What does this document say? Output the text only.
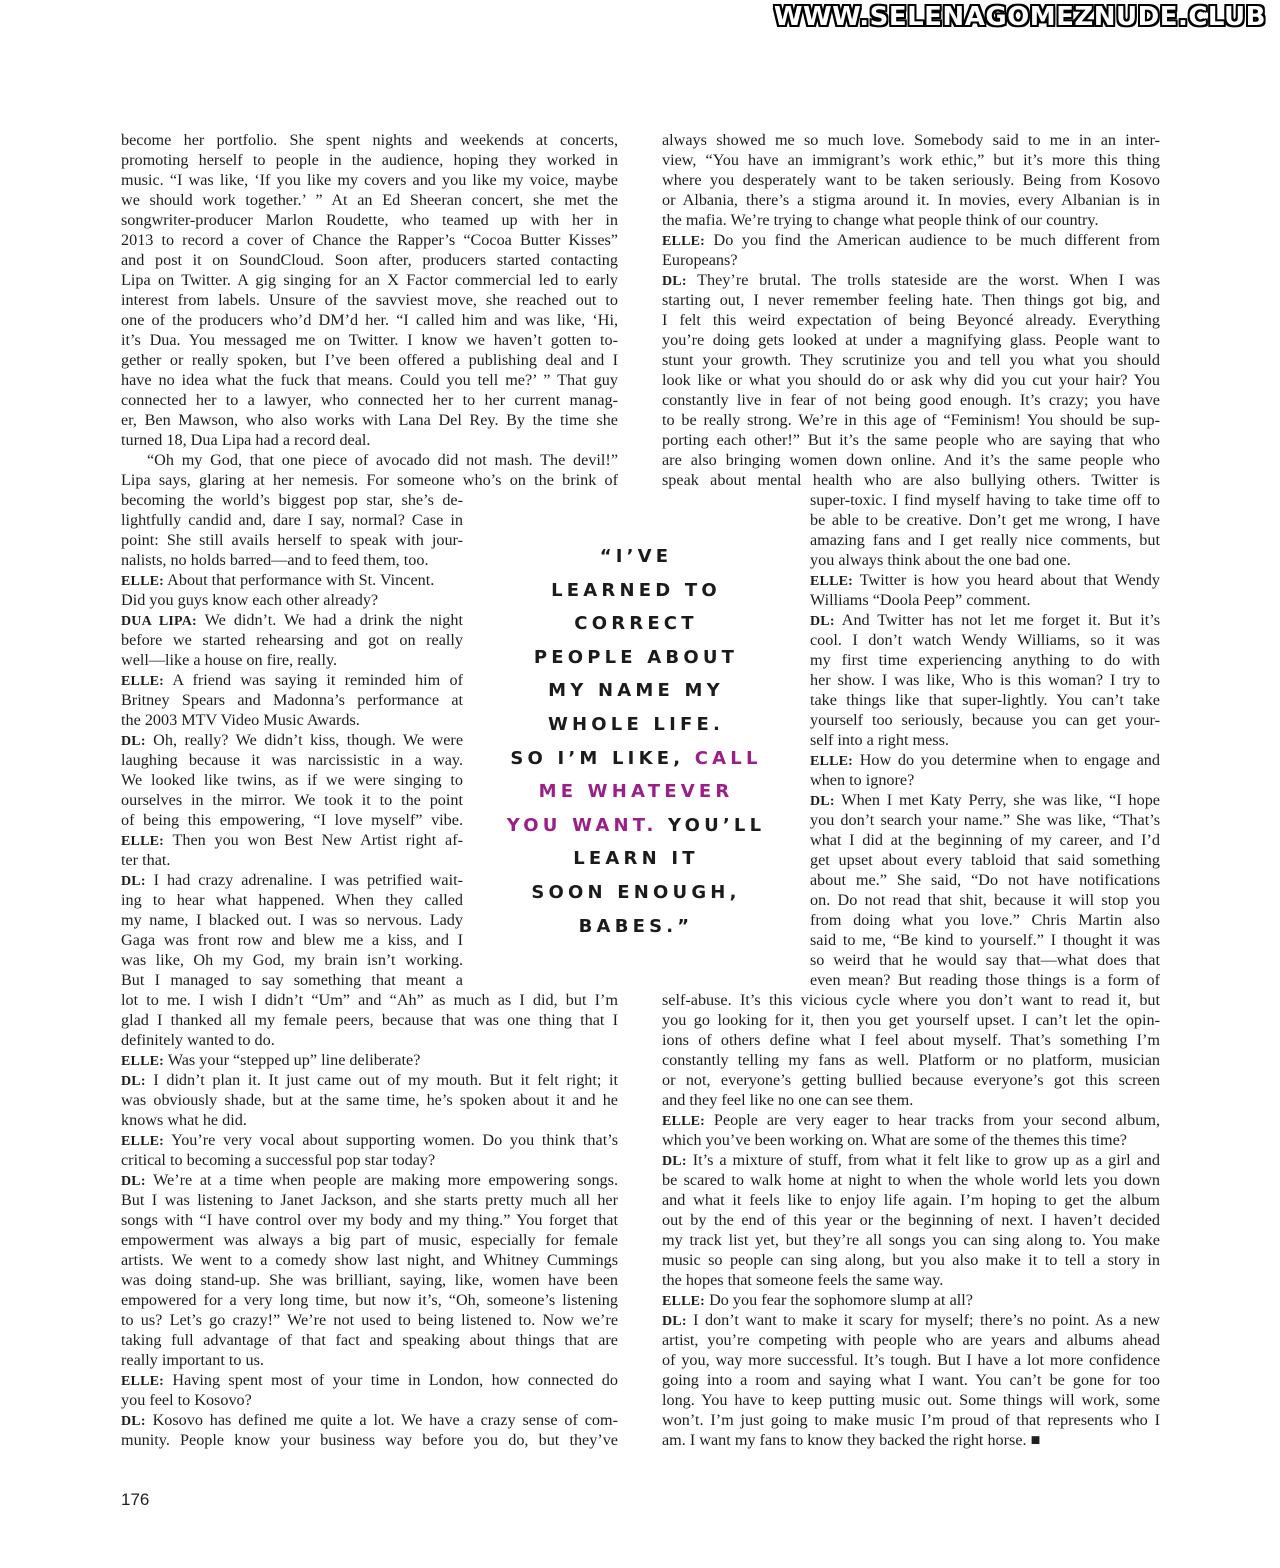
WWW.SELENAGOMEZNUDE.CLUB
become her portfolio. She spent nights and weekends at concerts,
promoting herself to people in the audience, hoping they worked in
music. “I was like, ‘If you like my covers and you like my voice, maybe
we should work together.’ ” At an Ed Sheeran concert, she met the
songwriter-producer Marlon Roudette, who teamed up with her in
2013 to record a cover of Chance the Rapper’s “Cocoa Butter Kisses”
and post it on SoundCloud. Soon after, producers started contacting
Lipa on Twitter. A gig singing for an X Factor commercial led to early
interest from labels. Unsure of the savviest move, she reached out to
one of the producers who’d DM’d her. “I called him and was like, ‘Hi,
it’s Dua. You messaged me on Twitter. I know we haven’t gotten to-
gether or really spoken, but I’ve been offered a publishing deal and I
have no idea what the fuck that means. Could you tell me?’ ” That guy
connected her to a lawyer, who connected her to her current manag-
er, Ben Mawson, who also works with Lana Del Rey. By the time she
turned 18, Dua Lipa had a record deal.
“Oh my God, that one piece of avocado did not mash. The devil!”
Lipa says, glaring at her nemesis. For someone who’s on the brink of
becoming the world’s biggest pop star, she’s de-
lightfully candid and, dare I say, normal? Case in
point: She still avails herself to speak with jour-
nalists, no holds barred—and to feed them, too.
ELLE: About that performance with St. Vincent.
Did you guys know each other already?
DUA LIPA: We didn’t. We had a drink the night
before we started rehearsing and got on really
well—like a house on fire, really.
ELLE: A friend was saying it reminded him of
Britney Spears and Madonna’s performance at
the 2003 MTV Video Music Awards.
DL: Oh, really? We didn’t kiss, though. We were
laughing because it was narcissistic in a way.
We looked like twins, as if we were singing to
ourselves in the mirror. We took it to the point
of being this empowering, “I love myself” vibe.
ELLE: Then you won Best New Artist right af-
ter that.
DL: I had crazy adrenaline. I was petrified wait-
ing to hear what happened. When they called
my name, I blacked out. I was so nervous. Lady
Gaga was front row and blew me a kiss, and I
was like, Oh my God, my brain isn’t working.
But I managed to say something that meant a
lot to me. I wish I didn’t “Um” and “Ah” as much as I did, but I’m
glad I thanked all my female peers, because that was one thing that I
definitely wanted to do.
ELLE: Was your “stepped up” line deliberate?
DL: I didn’t plan it. It just came out of my mouth. But it felt right; it
was obviously shade, but at the same time, he’s spoken about it and he
knows what he did.
ELLE: You’re very vocal about supporting women. Do you think that’s
critical to becoming a successful pop star today?
DL: We’re at a time when people are making more empowering songs.
But I was listening to Janet Jackson, and she starts pretty much all her
songs with “I have control over my body and my thing.” You forget that
empowerment was always a big part of music, especially for female
artists. We went to a comedy show last night, and Whitney Cummings
was doing stand-up. She was brilliant, saying, like, women have been
empowered for a very long time, but now it’s, “Oh, someone’s listening
to us? Let’s go crazy!” We’re not used to being listened to. Now we’re
taking full advantage of that fact and speaking about things that are
really important to us.
ELLE: Having spent most of your time in London, how connected do
you feel to Kosovo?
DL: Kosovo has defined me quite a lot. We have a crazy sense of com-
munity. People know your business way before you do, but they’ve
always showed me so much love. Somebody said to me in an inter-
view, “You have an immigrant’s work ethic,” but it’s more this thing
where you desperately want to be taken seriously. Being from Kosovo
or Albania, there’s a stigma around it. In movies, every Albanian is in
the mafia. We’re trying to change what people think of our country.
ELLE: Do you find the American audience to be much different from
Europeans?
DL: They’re brutal. The trolls stateside are the worst. When I was
starting out, I never remember feeling hate. Then things got big, and
I felt this weird expectation of being Beyoncé already. Everything
you’re doing gets looked at under a magnifying glass. People want to
stunt your growth. They scrutinize you and tell you what you should
look like or what you should do or ask why did you cut your hair? You
constantly live in fear of not being good enough. It’s crazy; you have
to be really strong. We’re in this age of “Feminism! You should be sup-
porting each other!” But it’s the same people who are saying that who
are also bringing women down online. And it’s the same people who
speak about mental health who are also bullying others. Twitter is
super-toxic. I find myself having to take time off to
be able to be creative. Don’t get me wrong, I have
amazing fans and I get really nice comments, but
you always think about the one bad one.
ELLE: Twitter is how you heard about that Wendy
Williams “Doola Peep” comment.
DL: And Twitter has not let me forget it. But it’s
cool. I don’t watch Wendy Williams, so it was
my first time experiencing anything to do with
her show. I was like, Who is this woman? I try to
take things like that super-lightly. You can’t take
yourself too seriously, because you can get your-
self into a right mess.
ELLE: How do you determine when to engage and
when to ignore?
DL: When I met Katy Perry, she was like, “I hope
you don’t search your name.” She was like, “That’s
what I did at the beginning of my career, and I’d
get upset about every tabloid that said something
about me.” She said, “Do not have notifications
on. Do not read that shit, because it will stop you
from doing what you love.” Chris Martin also
said to me, “Be kind to yourself.” I thought it was
so weird that he would say that—what does that
even mean? But reading those things is a form of
self-abuse. It’s this vicious cycle where you don’t want to read it, but
you go looking for it, then you get yourself upset. I can’t let the opin-
ions of others define what I feel about myself. That’s something I’m
constantly telling my fans as well. Platform or no platform, musician
or not, everyone’s getting bullied because everyone’s got this screen
and they feel like no one can see them.
ELLE: People are very eager to hear tracks from your second album,
which you’ve been working on. What are some of the themes this time?
DL: It’s a mixture of stuff, from what it felt like to grow up as a girl and
be scared to walk home at night to when the whole world lets you down
and what it feels like to enjoy life again. I’m hoping to get the album
out by the end of this year or the beginning of next. I haven’t decided
my track list yet, but they’re all songs you can sing along to. You make
music so people can sing along, but you also make it to tell a story in
the hopes that someone feels the same way.
ELLE: Do you fear the sophomore slump at all?
DL: I don’t want to make it scary for myself; there’s no point. As a new
artist, you’re competing with people who are years and albums ahead
of you, way more successful. It’s tough. But I have a lot more confidence
going into a room and saying what I want. You can’t be gone for too
long. You have to keep putting music out. Some things will work, some
won’t. I’m just going to make music I’m proud of that represents who I
am. I want my fans to know they backed the right horse. ■
“I’VE
LEARNED TO
CORRECT
PEOPLE ABOUT
MY NAME MY
WHOLE LIFE.
SO I’M LIKE, CALL
ME WHATEVER
YOU WANT. YOU’LL
LEARN IT
SOON ENOUGH,
BABES.”
176
